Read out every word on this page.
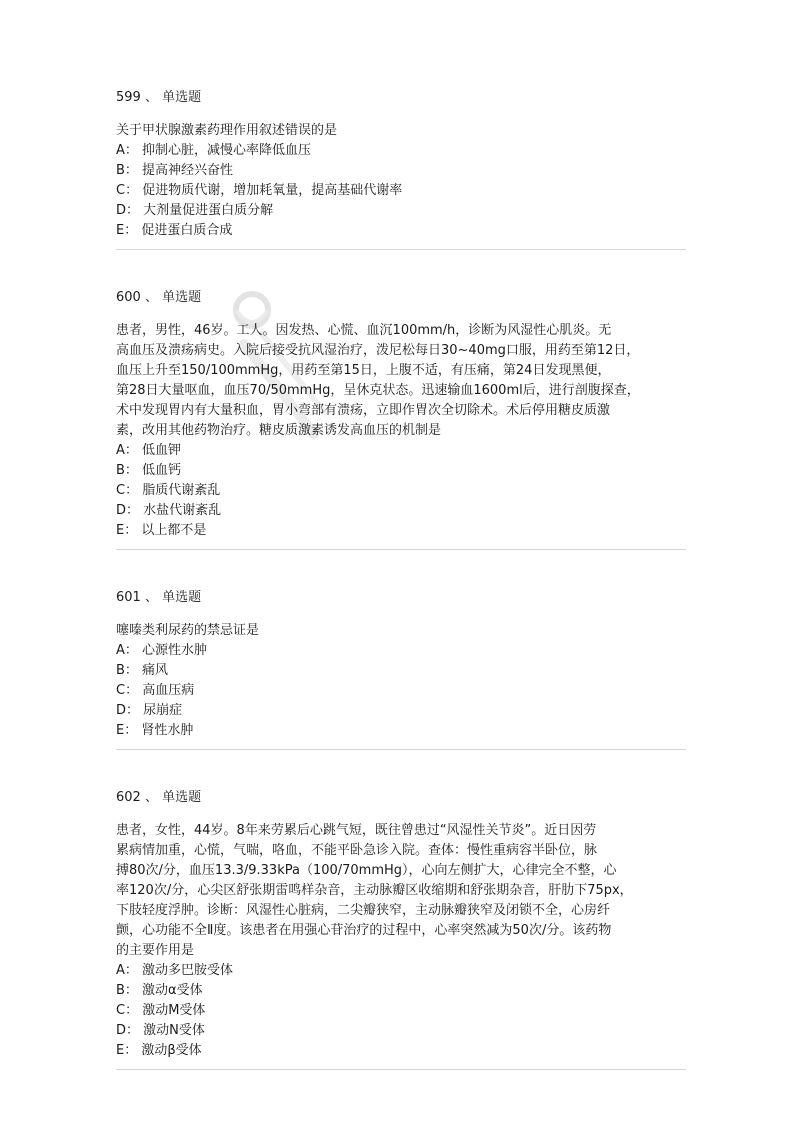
599 、 单选题

关于甲状腺激素药理作用叙述错误的是

A： 抑制心脏，减慢心率降低血压
B： 提高神经兴奋性
C： 促进物质代谢，增加耗氧量，提高基础代谢率
D： 大剂量促进蛋白质分解
E： 促进蛋白质合成
600 、 单选题

患者，男性，46岁。工人。因发热、心慌、血沉100mm/h，诊断为风湿性心肌炎。无
高血压及溃疡病史。入院后接受抗风湿治疗，泼尼松每日30~40mg口服，用药至第12日，
血压上升至150/100mmHg，用药至第15日，上腹不适，有压痛，第24日发现黑便，
第28日大量呕血，血压70/50mmHg，呈休克状态。迅速输血1600ml后，进行剖腹探查，
术中发现胃内有大量积血，胃小弯部有溃疡，立即作胃次全切除术。术后停用糖皮质激
素，改用其他药物治疗。糖皮质激素诱发高血压的机制是

A： 低血钾
B： 低血钙
C： 脂质代谢紊乱
D： 水盐代谢紊乱
E： 以上都不是
601 、 单选题

噻嗪类利尿药的禁忌证是

A： 心源性水肿
B： 痛风
C： 高血压病
D： 尿崩症
E： 肾性水肿
602 、 单选题

患者，女性，44岁。8年来劳累后心跳气短，既往曾患过“风湿性关节炎”。近日因劳
累病情加重，心慌，气喘，咯血，不能平卧急诊入院。查体：慢性重病容半卧位，脉
搏80次/分，血压13.3/9.33kPa（100/70mmHg），心向左侧扩大，心律完全不整，心
率120次/分，心尖区舒张期雷鸣样杂音，主动脉瓣区收缩期和舒张期杂音，肝肋下75px，
下肢轻度浮肿。诊断：风湿性心脏病，二尖瓣狭窄，主动脉瓣狭窄及闭锁不全，心房纤
颤，心功能不全Ⅱ度。该患者在用强心苷治疗的过程中，心率突然减为50次/分。该药物
的主要作用是

A： 激动多巴胺受体
B： 激动α受体
C： 激动M受体
D： 激动N受体
E： 激动β受体
